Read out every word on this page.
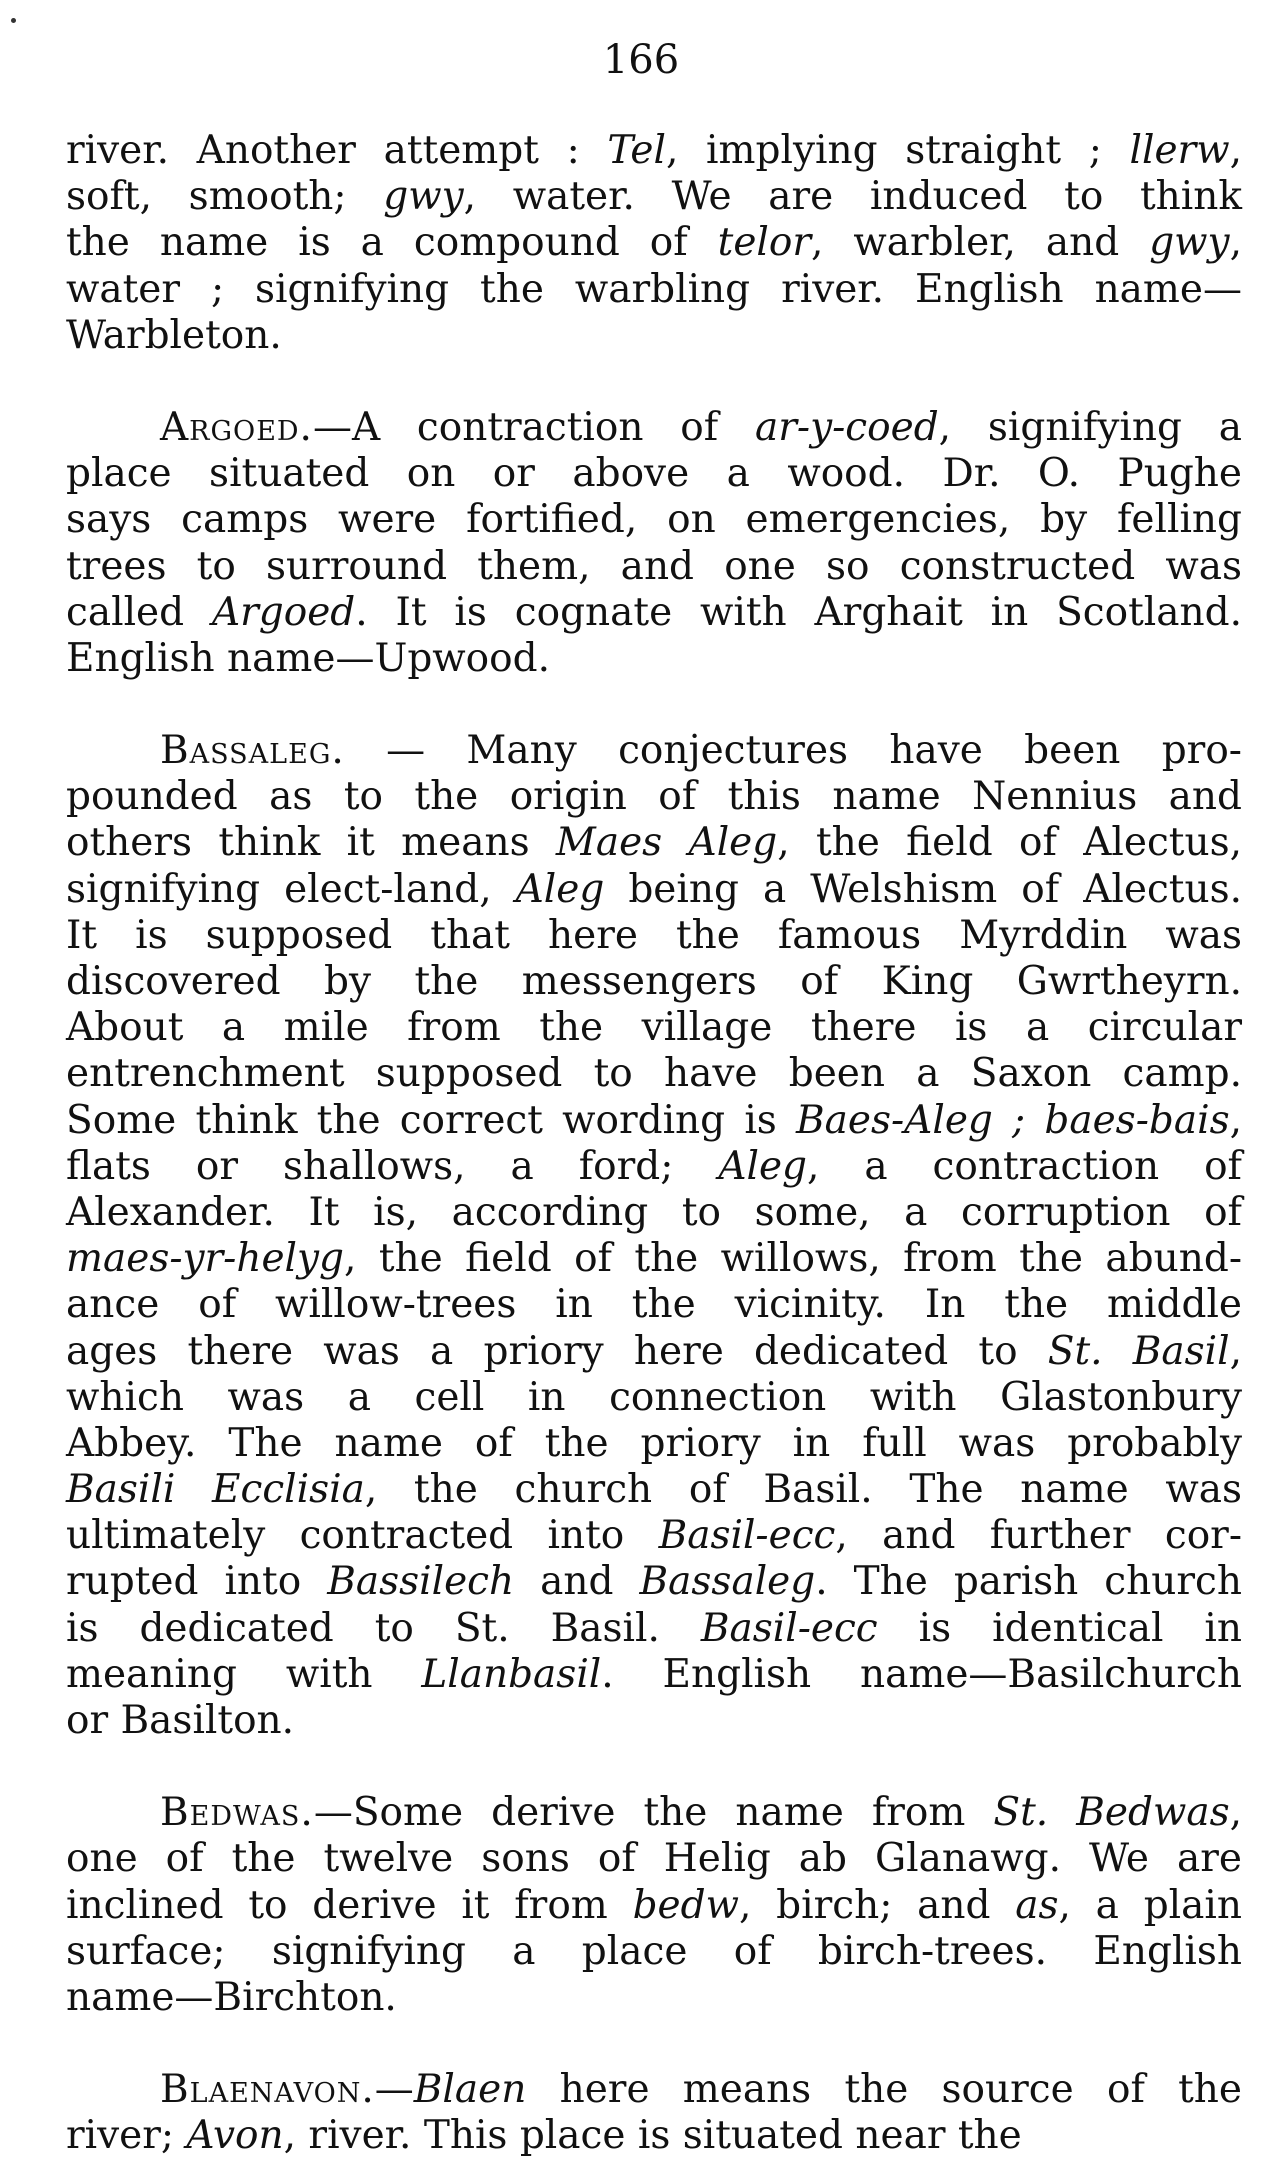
166
river. Another attempt : Tel, implying straight ; llerw,
soft, smooth; gwy, water. We are induced to think
the name is a compound of telor, warbler, and gwy,
water ; signifying the warbling river. English name—
Warbleton.
Argoed.—A contraction of ar-y-coed, signifying a
place situated on or above a wood. Dr. O. Pughe
says camps were fortified, on emergencies, by felling
trees to surround them, and one so constructed was
called Argoed. It is cognate with Arghait in Scotland.
English name—Upwood.
Bassaleg. — Many conjectures have been pro-
pounded as to the origin of this name Nennius and
others think it means Maes Aleg, the field of Alectus,
signifying elect-land, Aleg being a Welshism of Alectus.
It is supposed that here the famous Myrddin was
discovered by the messengers of King Gwrtheyrn.
About a mile from the village there is a circular
entrenchment supposed to have been a Saxon camp.
Some think the correct wording is Baes-Aleg ; baes-bais,
flats or shallows, a ford; Aleg, a contraction of
Alexander. It is, according to some, a corruption of
maes-yr-helyg, the field of the willows, from the abund-
ance of willow-trees in the vicinity. In the middle
ages there was a priory here dedicated to St. Basil,
which was a cell in connection with Glastonbury
Abbey. The name of the priory in full was probably
Basili Ecclisia, the church of Basil. The name was
ultimately contracted into Basil-ecc, and further cor-
rupted into Bassilech and Bassaleg. The parish church
is dedicated to St. Basil. Basil-ecc is identical in
meaning with Llanbasil. English name—Basilchurch
or Basilton.
Bedwas.—Some derive the name from St. Bedwas,
one of the twelve sons of Helig ab Glanawg. We are
inclined to derive it from bedw, birch; and as, a plain
surface; signifying a place of birch-trees. English
name—Birchton.
Blaenavon.—Blaen here means the source of the
river; Avon, river. This place is situated near the
